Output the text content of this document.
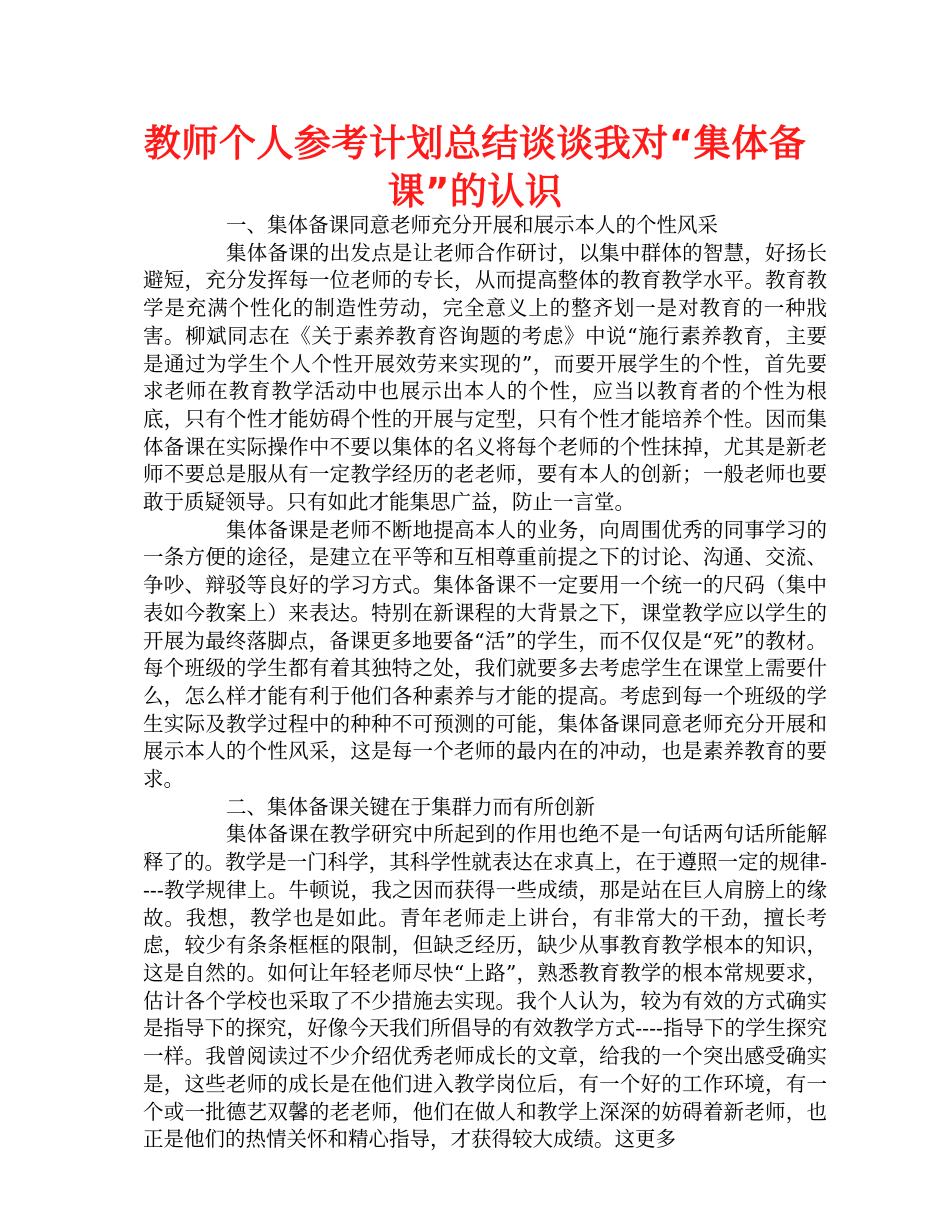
教师个人参考计划总结谈谈我对“集体备课”的认识

一、集体备课同意老师充分开展和展示本人的个性风采

集体备课的出发点是让老师合作研讨，以集中群体的智慧，好扬长避短，充分发挥每一位老师的专长，从而提高整体的教育教学水平。教育教学是充满个性化的制造性劳动，完全意义上的整齐划一是对教育的一种戕害。柳斌同志在《关于素养教育咨询题的考虑》中说“施行素养教育，主要是通过为学生个人个性开展效劳来实现的”，而要开展学生的个性，首先要求老师在教育教学活动中也展示出本人的个性，应当以教育者的个性为根底，只有个性才能妨碍个性的开展与定型，只有个性才能培养个性。因而集体备课在实际操作中不要以集体的名义将每个老师的个性抹掉，尤其是新老师不要总是服从有一定教学经历的老老师，要有本人的创新；一般老师也要敢于质疑领导。只有如此才能集思广益，防止一言堂。

集体备课是老师不断地提高本人的业务，向周围优秀的同事学习的一条方便的途径，是建立在平等和互相尊重前提之下的讨论、沟通、交流、争吵、辩驳等良好的学习方式。集体备课不一定要用一个统一的尺码（集中表如今教案上）来表达。特别在新课程的大背景之下，课堂教学应以学生的开展为最终落脚点，备课更多地要备“活”的学生，而不仅仅是“死”的教材。每个班级的学生都有着其独特之处，我们就要多去考虑学生在课堂上需要什么，怎么样才能有利于他们各种素养与才能的提高。考虑到每一个班级的学生实际及教学过程中的种种不可预测的可能，集体备课同意老师充分开展和展示本人的个性风采，这是每一个老师的最内在的冲动，也是素养教育的要求。

二、集体备课关键在于集群力而有所创新

集体备课在教学研究中所起到的作用也绝不是一句话两句话所能解释了的。教学是一门科学，其科学性就表达在求真上，在于遵照一定的规律----教学规律上。牛顿说，我之因而获得一些成绩，那是站在巨人肩膀上的缘故。我想，教学也是如此。青年老师走上讲台，有非常大的干劲，擅长考虑，较少有条条框框的限制，但缺乏经历，缺少从事教育教学根本的知识，这是自然的。如何让年轻老师尽快“上路”，熟悉教育教学的根本常规要求，估计各个学校也采取了不少措施去实现。我个人认为，较为有效的方式确实是指导下的探究，好像今天我们所倡导的有效教学方式----指导下的学生探究一样。我曾阅读过不少介绍优秀老师成长的文章，给我的一个突出感受确实是，这些老师的成长是在他们进入教学岗位后，有一个好的工作环境，有一个或一批德艺双馨的老老师，他们在做人和教学上深深的妨碍着新老师，也正是他们的热情关怀和精心指导，才获得较大成绩。这更多
